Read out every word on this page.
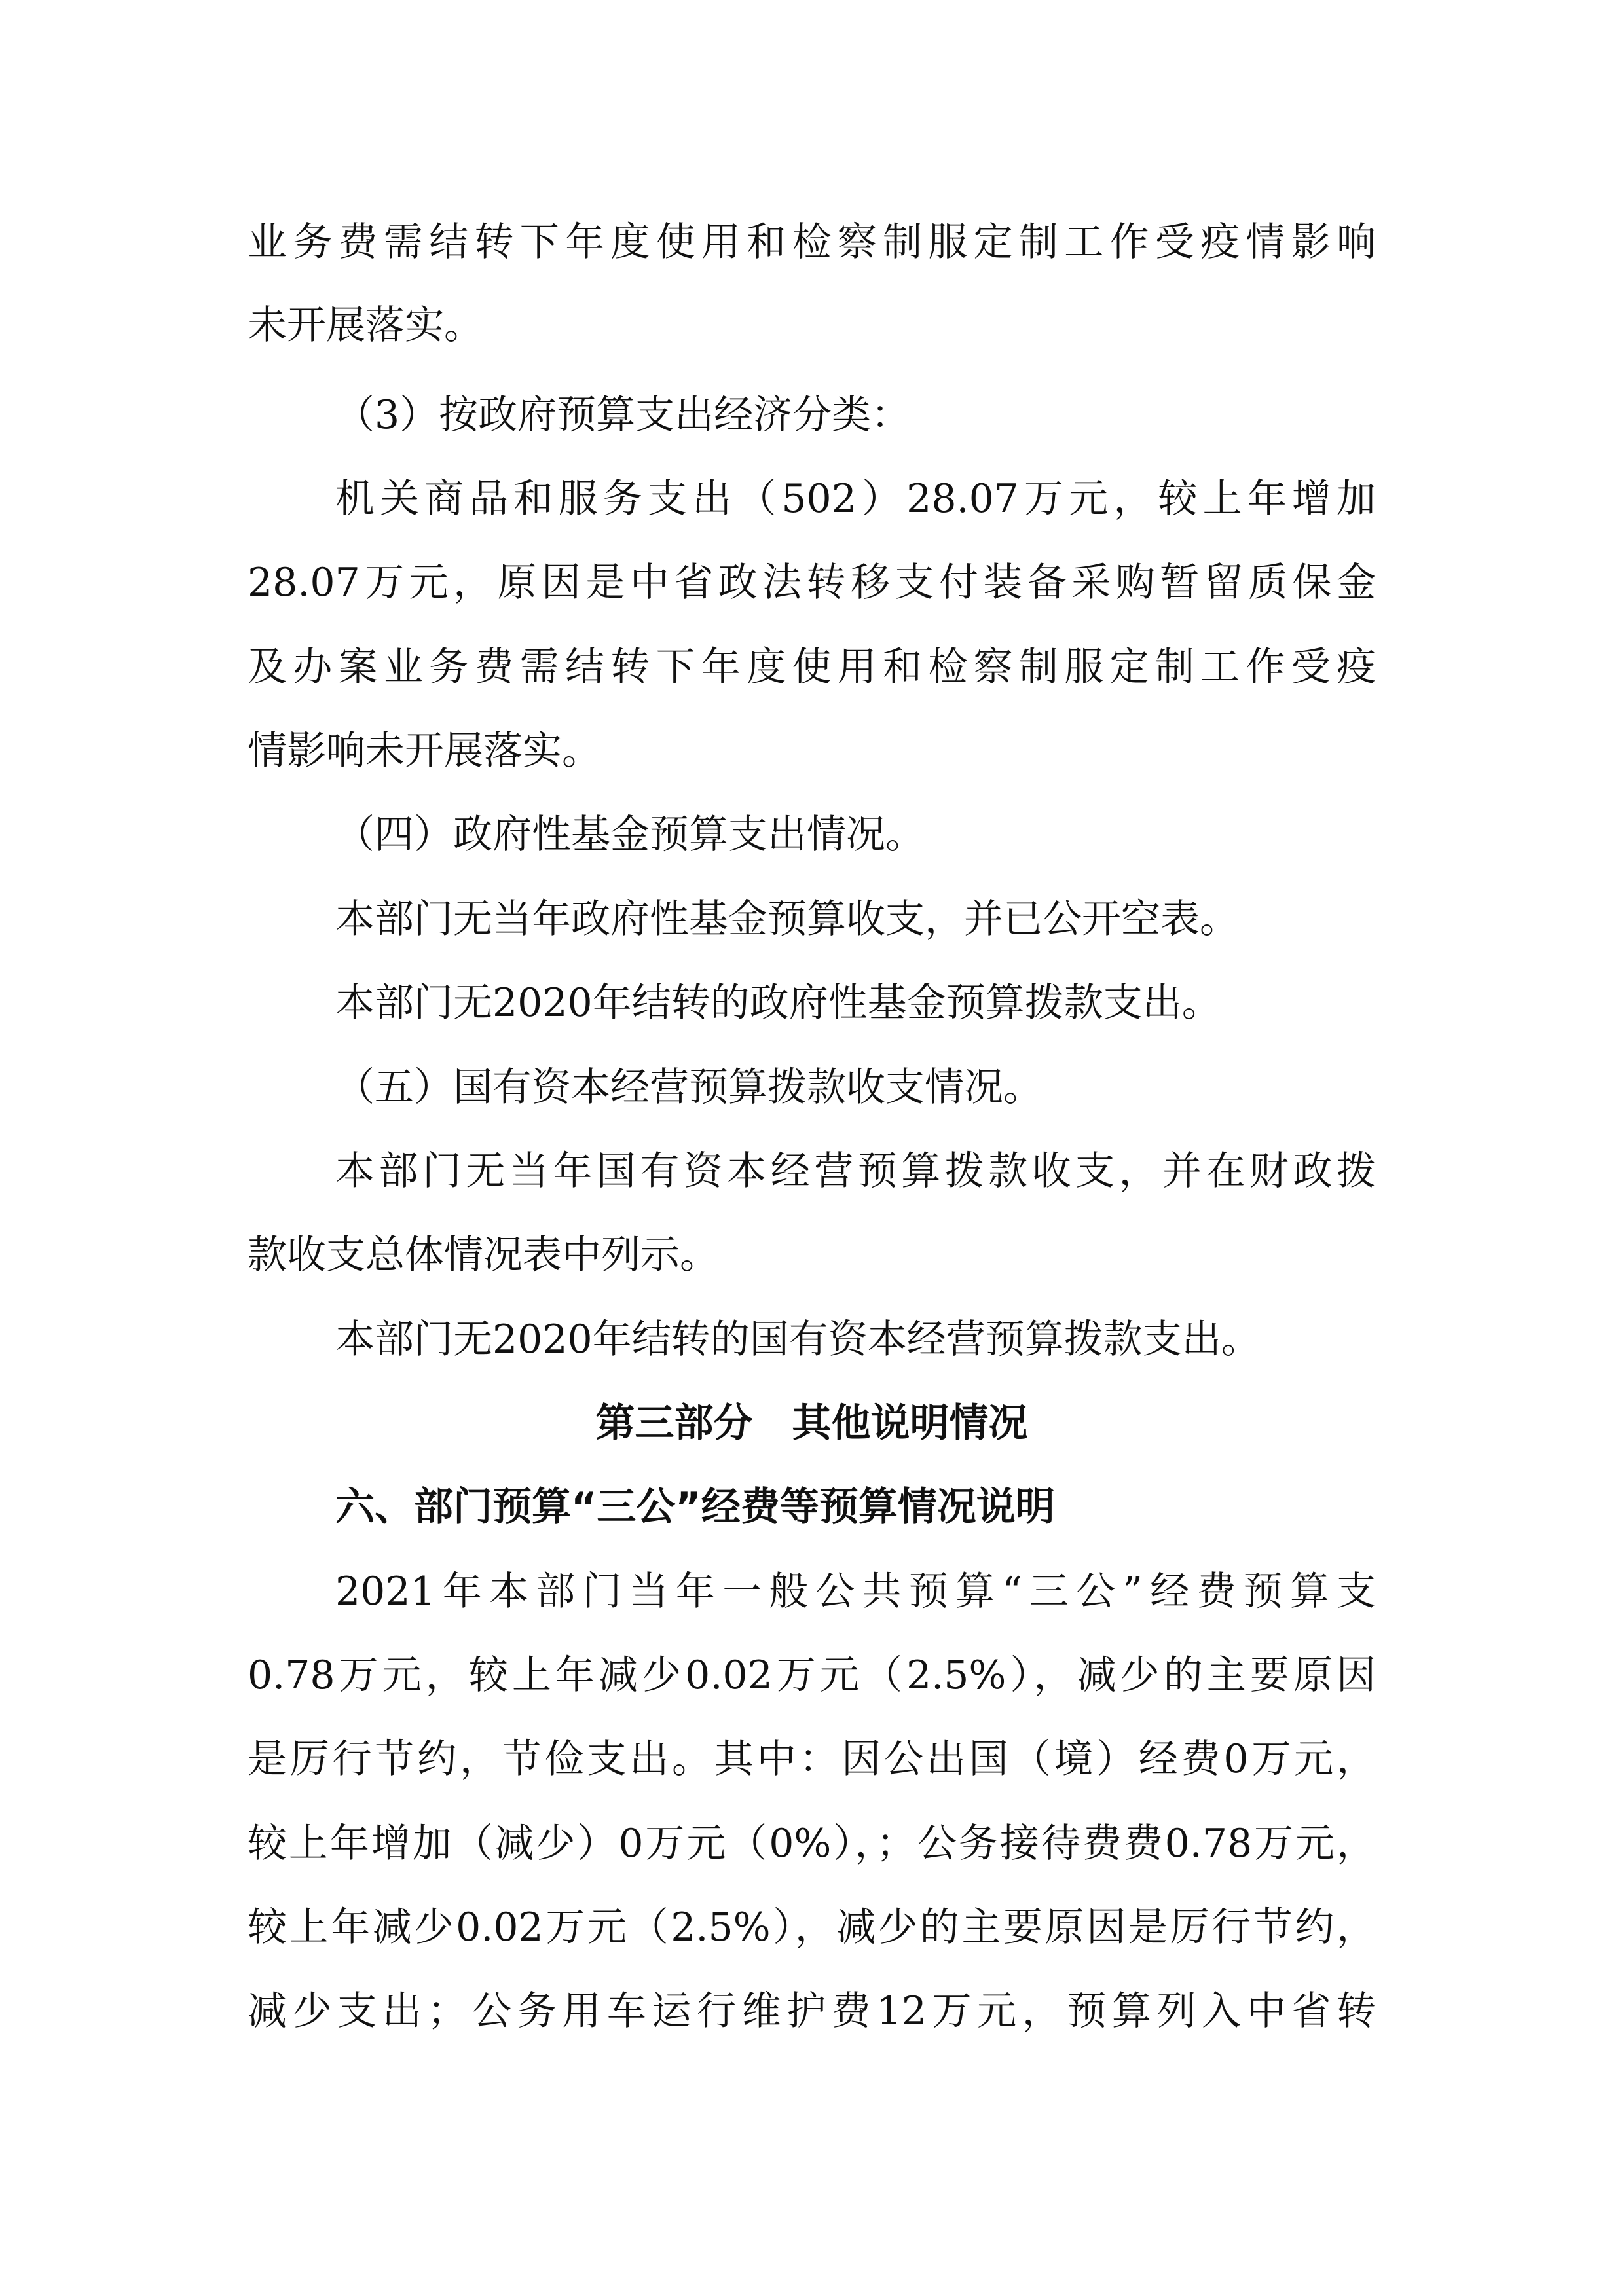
业务费需结转下年度使用和检察制服定制工作受疫情影响

未开展落实。

（3）按政府预算支出经济分类：

机关商品和服务支出（502）28.07万元，较上年增加

28.07万元，原因是中省政法转移支付装备采购暂留质保金

及办案业务费需结转下年度使用和检察制服定制工作受疫

情影响未开展落实。

（四）政府性基金预算支出情况。

本部门无当年政府性基金预算收支，并已公开空表。

本部门无2020年结转的政府性基金预算拨款支出。

（五）国有资本经营预算拨款收支情况。

本部门无当年国有资本经营预算拨款收支，并在财政拨

款收支总体情况表中列示。

本部门无2020年结转的国有资本经营预算拨款支出。

第三部分　其他说明情况

六、部门预算“三公”经费等预算情况说明

2021年本部门当年一般公共预算“三公”经费预算支

0.78万元，较上年减少0.02万元（2.5%），减少的主要原因

是厉行节约，节俭支出。其中：因公出国（境）经费0万元，

较上年增加（减少）0万元（0%），；公务接待费费0.78万元，

较上年减少0.02万元（2.5%），减少的主要原因是厉行节约，

减少支出；公务用车运行维护费12万元，预算列入中省转
